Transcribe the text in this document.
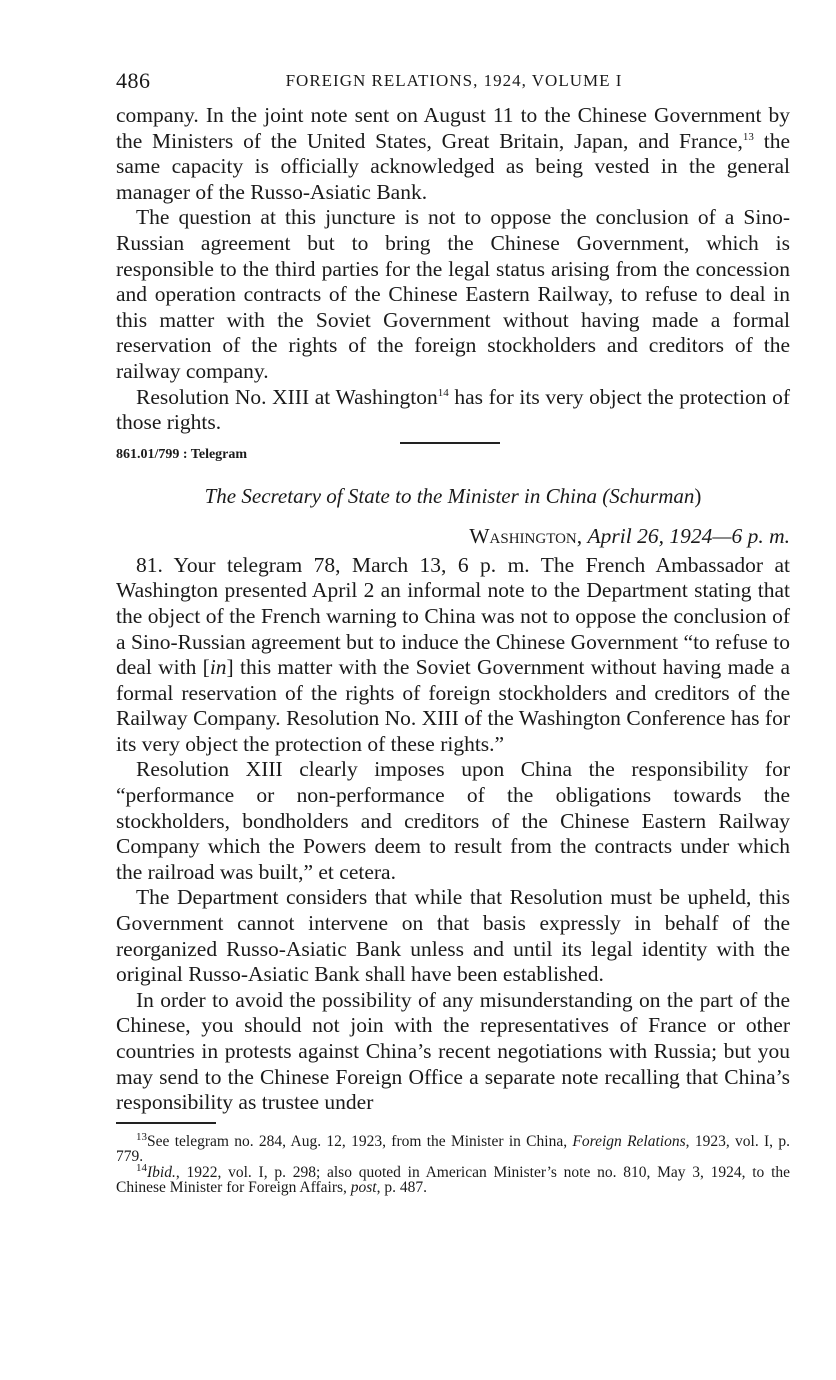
486	FOREIGN RELATIONS, 1924, VOLUME I

company. In the joint note sent on August 11 to the Chinese Government by the Ministers of the United States, Great Britain, Japan, and France,$^{13}$ the same capacity is officially acknowledged as being vested in the general manager of the Russo-Asiatic Bank.

The question at this juncture is not to oppose the conclusion of a Sino-Russian agreement but to bring the Chinese Government, which is responsible to the third parties for the legal status arising from the concession and operation contracts of the Chinese Eastern Railway, to refuse to deal in this matter with the Soviet Government without having made a formal reservation of the rights of the foreign stockholders and creditors of the railway company.

Resolution No. XIII at Washington$^{14}$ has for its very object the protection of those rights.

861.01/799 : Telegram
The Secretary of State to the Minister in China (Schurman)
Washington, April 26, 1924—6 p. m.

81. Your telegram 78, March 13, 6 p. m. The French Ambassador at Washington presented April 2 an informal note to the Department stating that the object of the French warning to China was not to oppose the conclusion of a Sino-Russian agreement but to induce the Chinese Government “to refuse to deal with [in] this matter with the Soviet Government without having made a formal reservation of the rights of foreign stockholders and creditors of the Railway Company. Resolution No. XIII of the Washington Conference has for its very object the protection of these rights.”

Resolution XIII clearly imposes upon China the responsibility for “performance or non-performance of the obligations towards the stockholders, bondholders and creditors of the Chinese Eastern Railway Company which the Powers deem to result from the contracts under which the railroad was built,” et cetera.

The Department considers that while that Resolution must be upheld, this Government cannot intervene on that basis expressly in behalf of the reorganized Russo-Asiatic Bank unless and until its legal identity with the original Russo-Asiatic Bank shall have been established.

In order to avoid the possibility of any misunderstanding on the part of the Chinese, you should not join with the representatives of France or other countries in protests against China’s recent negotiations with Russia; but you may send to the Chinese Foreign Office a separate note recalling that China’s responsibility as trustee under

$^{13}$See telegram no. 284, Aug. 12, 1923, from the Minister in China, Foreign Relations, 1923, vol. I, p. 779.

$^{14}$Ibid., 1922, vol. I, p. 298; also quoted in American Minister’s note no. 810, May 3, 1924, to the Chinese Minister for Foreign Affairs, post, p. 487.
